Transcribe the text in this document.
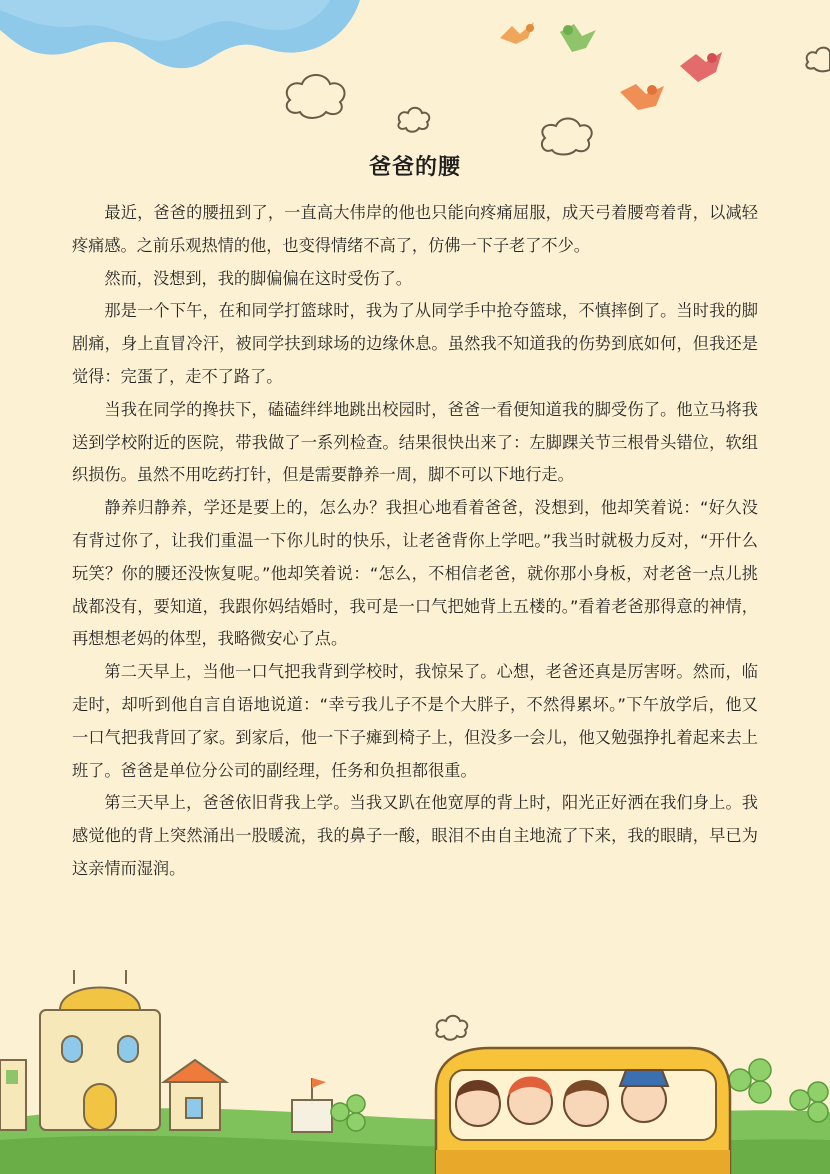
爸爸的腰

最近，爸爸的腰扭到了，一直高大伟岸的他也只能向疼痛屈服，成天弓着腰弯着背，以减轻疼痛感。之前乐观热情的他，也变得情绪不高了，仿佛一下子老了不少。

然而，没想到，我的脚偏偏在这时受伤了。

那是一个下午，在和同学打篮球时，我为了从同学手中抢夺篮球，不慎摔倒了。当时我的脚剧痛，身上直冒冷汗，被同学扶到球场的边缘休息。虽然我不知道我的伤势到底如何，但我还是觉得：完蛋了，走不了路了。

当我在同学的搀扶下，磕磕绊绊地跳出校园时，爸爸一看便知道我的脚受伤了。他立马将我送到学校附近的医院，带我做了一系列检查。结果很快出来了：左脚踝关节三根骨头错位，软组织损伤。虽然不用吃药打针，但是需要静养一周，脚不可以下地行走。

静养归静养，学还是要上的，怎么办？我担心地看着爸爸，没想到，他却笑着说：“好久没有背过你了，让我们重温一下你儿时的快乐，让老爸背你上学吧。”我当时就极力反对，“开什么玩笑？你的腰还没恢复呢。”他却笑着说：“怎么，不相信老爸，就你那小身板，对老爸一点儿挑战都没有，要知道，我跟你妈结婚时，我可是一口气把她背上五楼的。”看着老爸那得意的神情，再想想老妈的体型，我略微安心了点。

第二天早上，当他一口气把我背到学校时，我惊呆了。心想，老爸还真是厉害呀。然而，临走时，却听到他自言自语地说道：“幸亏我儿子不是个大胖子，不然得累坏。”下午放学后，他又一口气把我背回了家。到家后，他一下子瘫到椅子上，但没多一会儿，他又勉强挣扎着起来去上班了。爸爸是单位分公司的副经理，任务和负担都很重。

第三天早上，爸爸依旧背我上学。当我又趴在他宽厚的背上时，阳光正好洒在我们身上。我感觉他的背上突然涌出一股暖流，我的鼻子一酸，眼泪不由自主地流了下来，我的眼睛，早已为这亲情而湿润。
